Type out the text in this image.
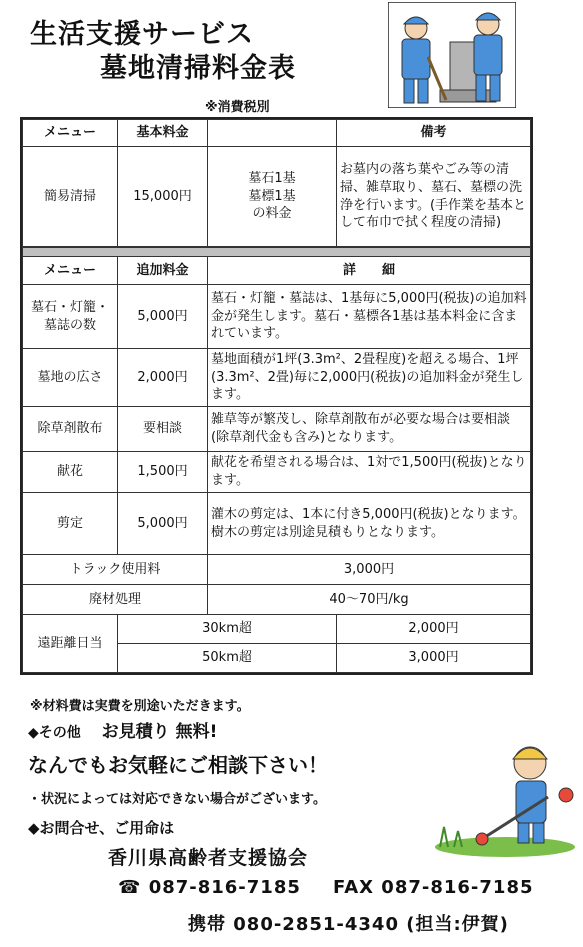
生活支援サービス
墓地清掃料金表
※消費税別
メニュー	基本料金		備考
簡易清掃	15,000円	墓石1基
墓標1基
の料金	お墓内の落ち葉やごみ等の清掃、雑草取り、墓石、墓標の洗浄を行います。(手作業を基本として布巾で拭く程度の清掃)

メニュー	追加料金	詳　　細	
墓石・灯籠・
墓誌の数	5,000円	墓石・灯籠・墓誌は、1基毎に5,000円(税抜)の追加料金が発生します。墓石・墓標各1基は基本料金に含まれています。	
墓地の広さ	2,000円	墓地面積が1坪(3.3m²、2畳程度)を超える場合、1坪(3.3m²、2畳)毎に2,000円(税抜)の追加料金が発生します。	
除草剤散布	要相談	雑草等が繁茂し、除草剤散布が必要な場合は要相談(除草剤代金も含み)となります。	
献花	1,500円	献花を希望される場合は、1対で1,500円(税抜)となります。	
剪定	5,000円	灌木の剪定は、1本に付き5,000円(税抜)となります。樹木の剪定は別途見積もりとなります。	
トラック使用料		3,000円	
廃材処理		40〜70円/kg	
遠距離日当	30km超		2,000円
	50km超		3,000円
※材料費は実費を別途いただきます。
◆その他 お見積り 無料!
なんでもお気軽にご相談下さい！
・状況によっては対応できない場合がございます。
◆お問合せ、ご用命は
香川県高齢者支援協会
☎ 087-816-7185 FAX 087-816-7185
携帯 080-2851-4340 (担当:伊賀)
